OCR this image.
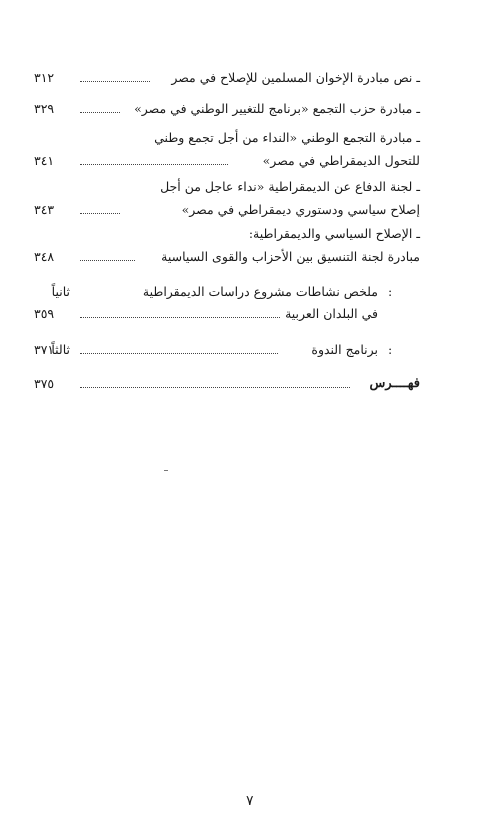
ـ نص مبادرة الإخوان المسلمين للإصلاح في مصر
٣١٢
ـ مبادرة حزب التجمع «برنامج للتغيير الوطني في مصر»
٣٢٩
ـ مبادرة التجمع الوطني «النداء من أجل تجمع وطني
للتحول الديمقراطي في مصر»
٣٤١
ـ لجنة الدفاع عن الديمقراطية «نداء عاجل من أجل
إصلاح سياسي ودستوري ديمقراطي في مصر»
٣٤٣
ـ الإصلاح السياسي والديمقراطية:
مبادرة لجنة التنسيق بين الأحزاب والقوى السياسية
٣٤٨
ثانياً	:
ملخص نشاطات مشروع دراسات الديمقراطية
في البلدان العربية
٣٥٩
ثالثاً	:
برنامج الندوة
٣٧١
فهــــرس
٣٧٥
٧
